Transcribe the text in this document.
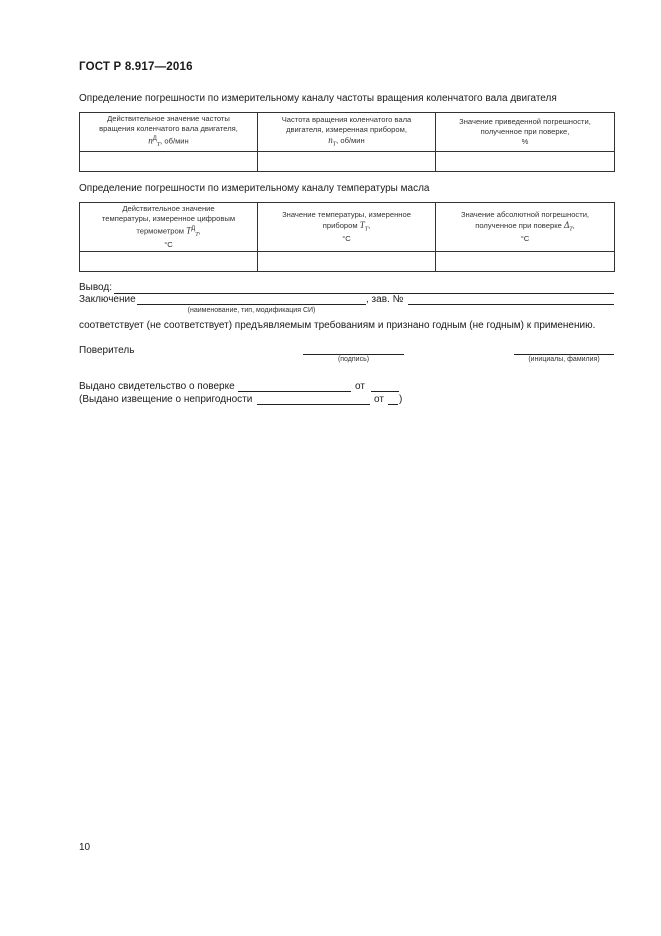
ГОСТ Р 8.917—2016
Определение погрешности по измерительному каналу частоты вращения коленчатого вала двигателя
Действительное значение частоты
вращения коленчатого вала двигателя,
$n^Д_T$, об/мин	Частота вращения коленчатого вала
двигателя, измеренная прибором,
$n_T$, об/мин	Значение приведенной погрешности,
полученное при поверке,
%

Определение погрешности по измерительному каналу температуры масла
Действительное значение
температуры, измеренное цифровым
термометром $T^Д_T$,
°C	Значение температуры, измеренное
прибором $T_T$,
°C	Значение абсолютной погрешности,
полученное при поверке $\Delta_T$,
°C

Вывод:
Заключение	, зав. №
(наименование, тип, модификация СИ)
соответствует (не соответствует) предъявляемым требованиям и признано годным (не годным) к применению.
Поверитель
(подпись)	(инициалы, фамилия)
Выдано свидетельство о поверке	от
(Выдано извещение о непригодности	от )
10
